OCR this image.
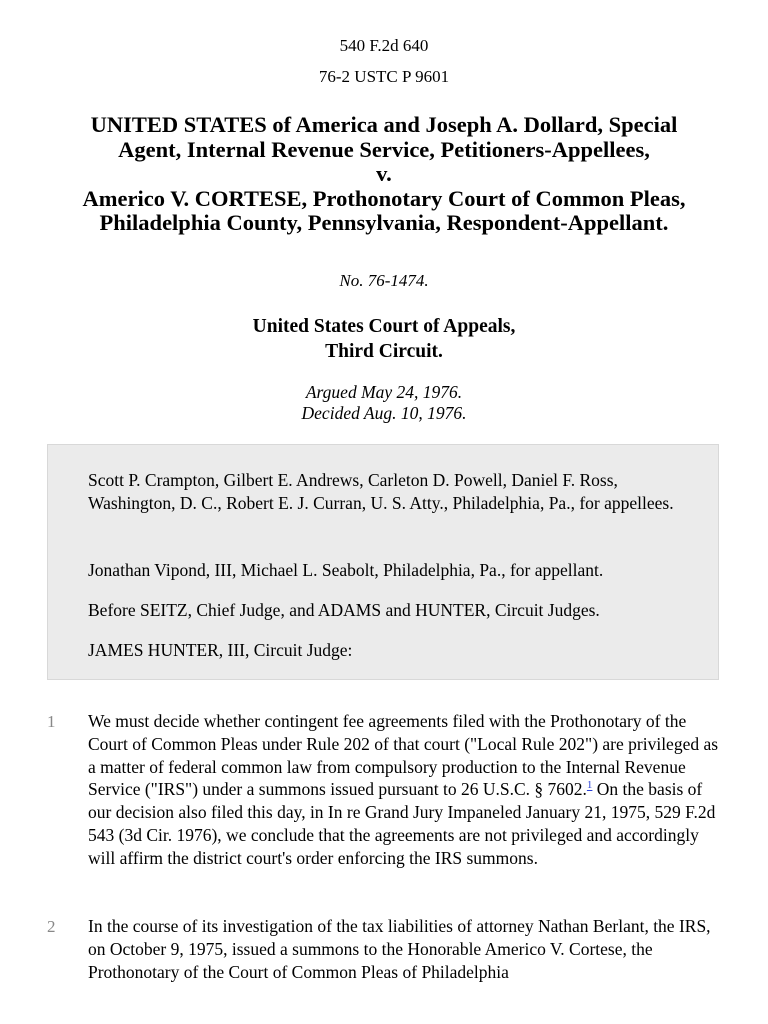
540 F.2d 640
76-2 USTC P 9601
UNITED STATES of America and Joseph A. Dollard, Special
Agent, Internal Revenue Service, Petitioners-Appellees,
v.
Americo V. CORTESE, Prothonotary Court of Common Pleas,
Philadelphia County, Pennsylvania, Respondent-Appellant.
No. 76-1474.
United States Court of Appeals,
Third Circuit.
Argued May 24, 1976.
Decided Aug. 10, 1976.

Scott P. Crampton, Gilbert E. Andrews, Carleton D. Powell, Daniel F. Ross, Washington, D. C., Robert E. J. Curran, U. S. Atty., Philadelphia, Pa., for appellees.

Jonathan Vipond, III, Michael L. Seabolt, Philadelphia, Pa., for appellant.

Before SEITZ, Chief Judge, and ADAMS and HUNTER, Circuit Judges.

JAMES HUNTER, III, Circuit Judge:

1 We must decide whether contingent fee agreements filed with the Prothonotary of the Court of Common Pleas under Rule 202 of that court ("Local Rule 202") are privileged as a matter of federal common law from compulsory production to the Internal Revenue Service ("IRS") under a summons issued pursuant to 26 U.S.C. § 7602.$^1$ On the basis of our decision also filed this day, in In re Grand Jury Impaneled January 21, 1975, 529 F.2d 543 (3d Cir. 1976), we conclude that the agreements are not privileged and accordingly will affirm the district court's order enforcing the IRS summons.

2 In the course of its investigation of the tax liabilities of attorney Nathan Berlant, the IRS, on October 9, 1975, issued a summons to the Honorable Americo V. Cortese, the Prothonotary of the Court of Common Pleas of Philadelphia
